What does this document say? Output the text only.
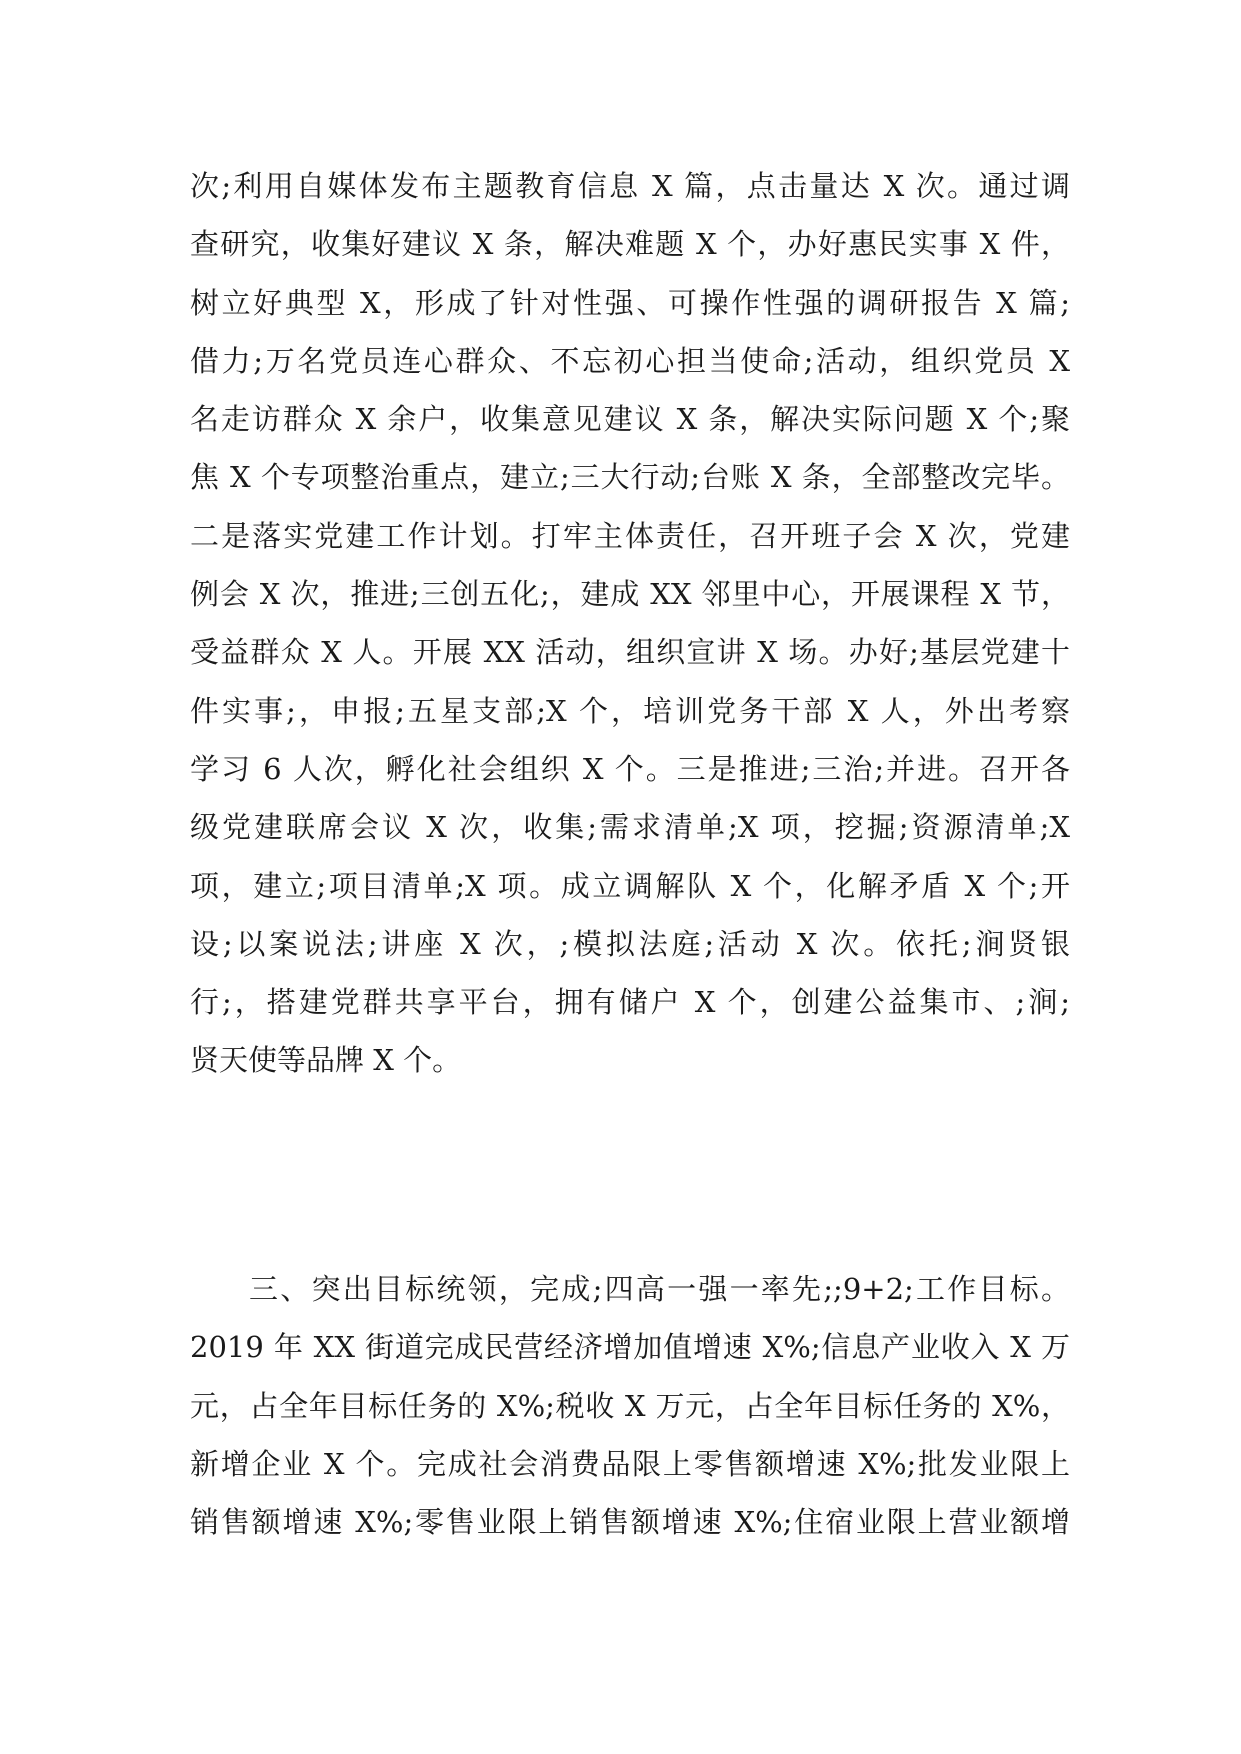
次;利用自媒体发布主题教育信息 X 篇，点击量达 X 次。通过调
查研究，收集好建议 X 条，解决难题 X 个，办好惠民实事 X 件，
树立好典型 X，形成了针对性强、可操作性强的调研报告 X 篇;
借力;万名党员连心群众、不忘初心担当使命;活动，组织党员 X
名走访群众 X 余户，收集意见建议 X 条，解决实际问题 X 个;聚
焦 X 个专项整治重点，建立;三大行动;台账 X 条，全部整改完毕。
二是落实党建工作计划。打牢主体责任，召开班子会 X 次，党建
例会 X 次，推进;三创五化;，建成 XX 邻里中心，开展课程 X 节，
受益群众 X 人。开展 XX 活动，组织宣讲 X 场。办好;基层党建十
件实事;，申报;五星支部;X 个，培训党务干部 X 人，外出考察
学习 6 人次，孵化社会组织 X 个。三是推进;三治;并进。召开各
级党建联席会议 X 次，收集;需求清单;X 项，挖掘;资源清单;X
项，建立;项目清单;X 项。成立调解队 X 个，化解矛盾 X 个;开
设;以案说法;讲座 X 次，;模拟法庭;活动 X 次。依托;涧贤银
行;，搭建党群共享平台，拥有储户 X 个，创建公益集市、;涧;
贤天使等品牌 X 个。
三、突出目标统领，完成;四高一强一率先;;9+2;工作目标。
2019 年 XX 街道完成民营经济增加值增速 X%;信息产业收入 X 万
元，占全年目标任务的 X%;税收 X 万元，占全年目标任务的 X%，
新增企业 X 个。完成社会消费品限上零售额增速 X%;批发业限上
销售额增速 X%;零售业限上销售额增速 X%;住宿业限上营业额增
